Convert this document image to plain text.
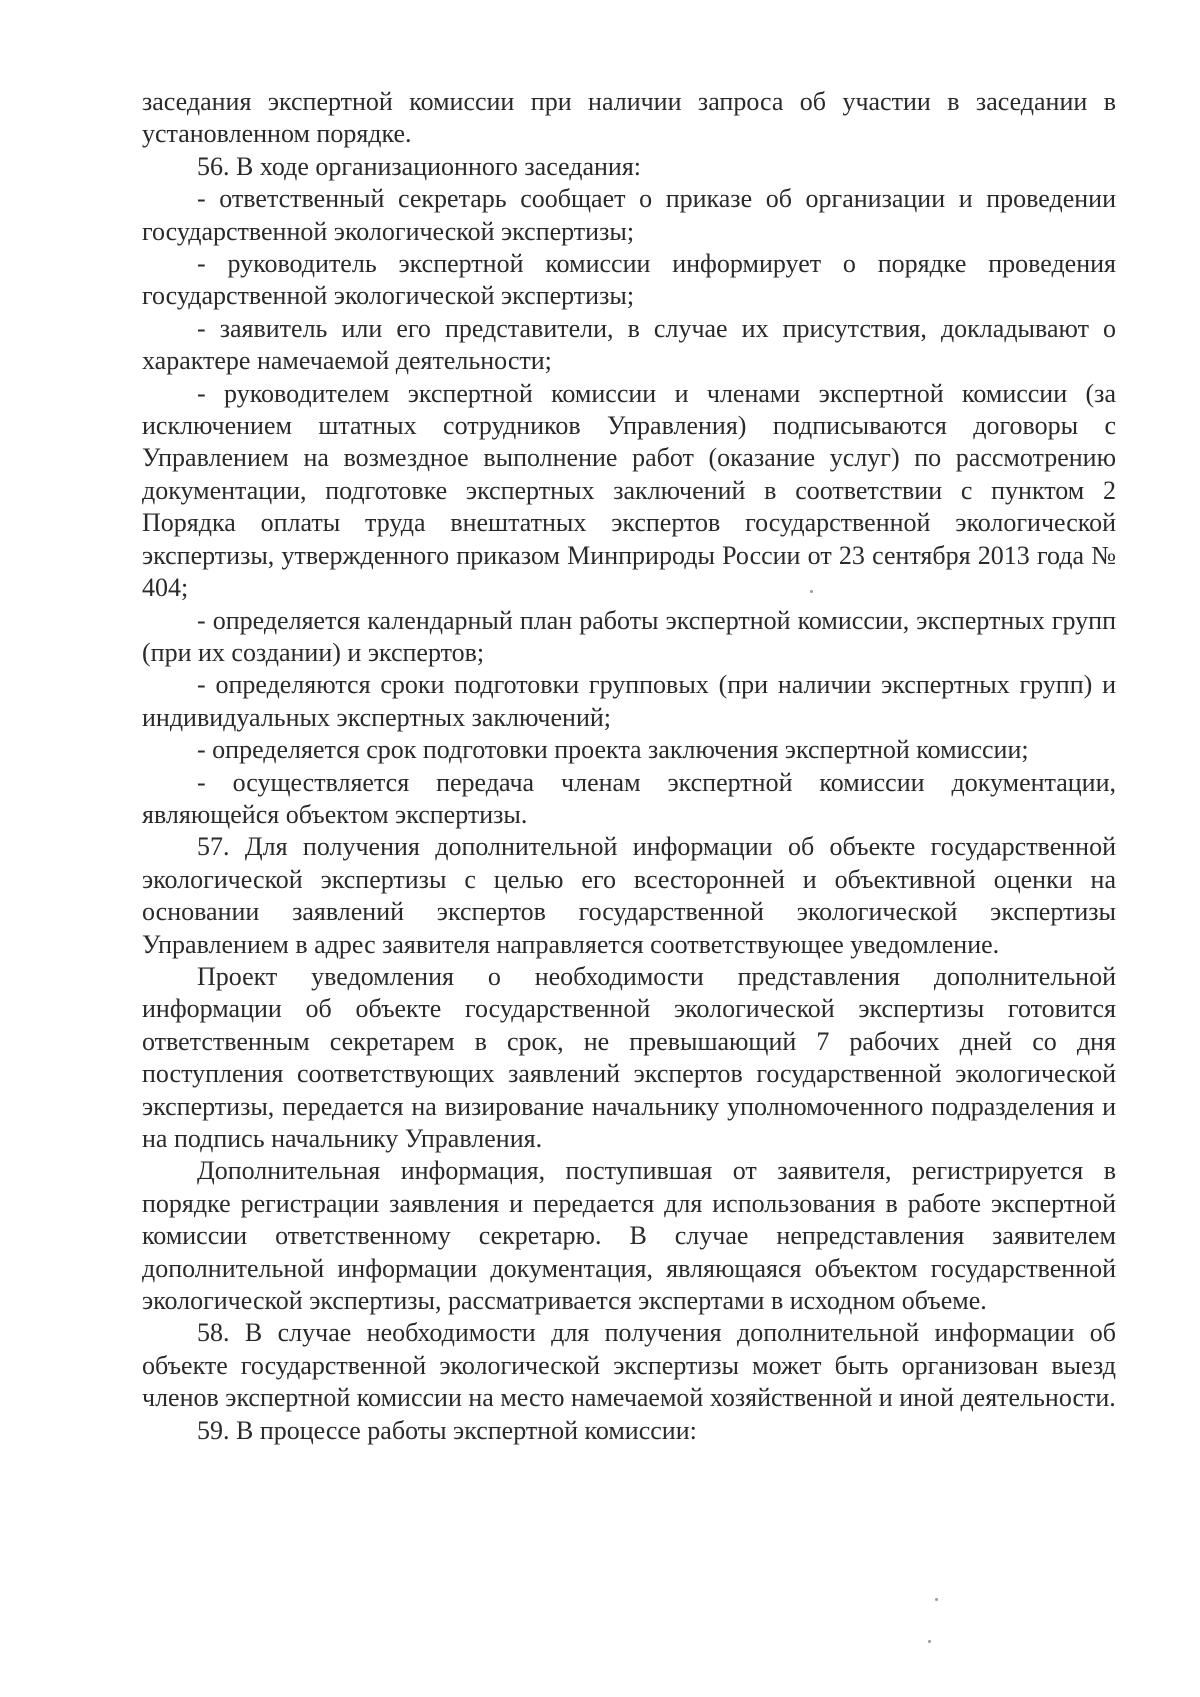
заседания экспертной комиссии при наличии запроса об участии в заседании в установленном порядке.

56. В ходе организационного заседания:

- ответственный секретарь сообщает о приказе об организации и проведении государственной экологической экспертизы;

- руководитель экспертной комиссии информирует о порядке проведения государственной экологической экспертизы;

- заявитель или его представители, в случае их присутствия, докладывают о характере намечаемой деятельности;

- руководителем экспертной комиссии и членами экспертной комиссии (за исключением штатных сотрудников Управления) подписываются договоры с Управлением на возмездное выполнение работ (оказание услуг) по рассмотрению документации, подготовке экспертных заключений в соответствии с пунктом 2 Порядка оплаты труда внештатных экспертов государственной экологической экспертизы, утвержденного приказом Минприроды России от 23 сентября 2013 года № 404;

- определяется календарный план работы экспертной комиссии, экспертных групп (при их создании) и экспертов;

- определяются сроки подготовки групповых (при наличии экспертных групп) и индивидуальных экспертных заключений;

- определяется срок подготовки проекта заключения экспертной комиссии;

- осуществляется передача членам экспертной комиссии документации, являющейся объектом экспертизы.

57. Для получения дополнительной информации об объекте государственной экологической экспертизы с целью его всесторонней и объективной оценки на основании заявлений экспертов государственной экологической экспертизы Управлением в адрес заявителя направляется соответствующее уведомление.

Проект уведомления о необходимости представления дополнительной информации об объекте государственной экологической экспертизы готовится ответственным секретарем в срок, не превышающий 7 рабочих дней со дня поступления соответствующих заявлений экспертов государственной экологической экспертизы, передается на визирование начальнику уполномоченного подразделения и на подпись начальнику Управления.

Дополнительная информация, поступившая от заявителя, регистрируется в порядке регистрации заявления и передается для использования в работе экспертной комиссии ответственному секретарю. В случае непредставления заявителем дополнительной информации документация, являющаяся объектом государственной экологической экспертизы, рассматривается экспертами в исходном объеме.

58. В случае необходимости для получения дополнительной информации об объекте государственной экологической экспертизы может быть организован выезд членов экспертной комиссии на место намечаемой хозяйственной и иной деятельности.

59. В процессе работы экспертной комиссии:
